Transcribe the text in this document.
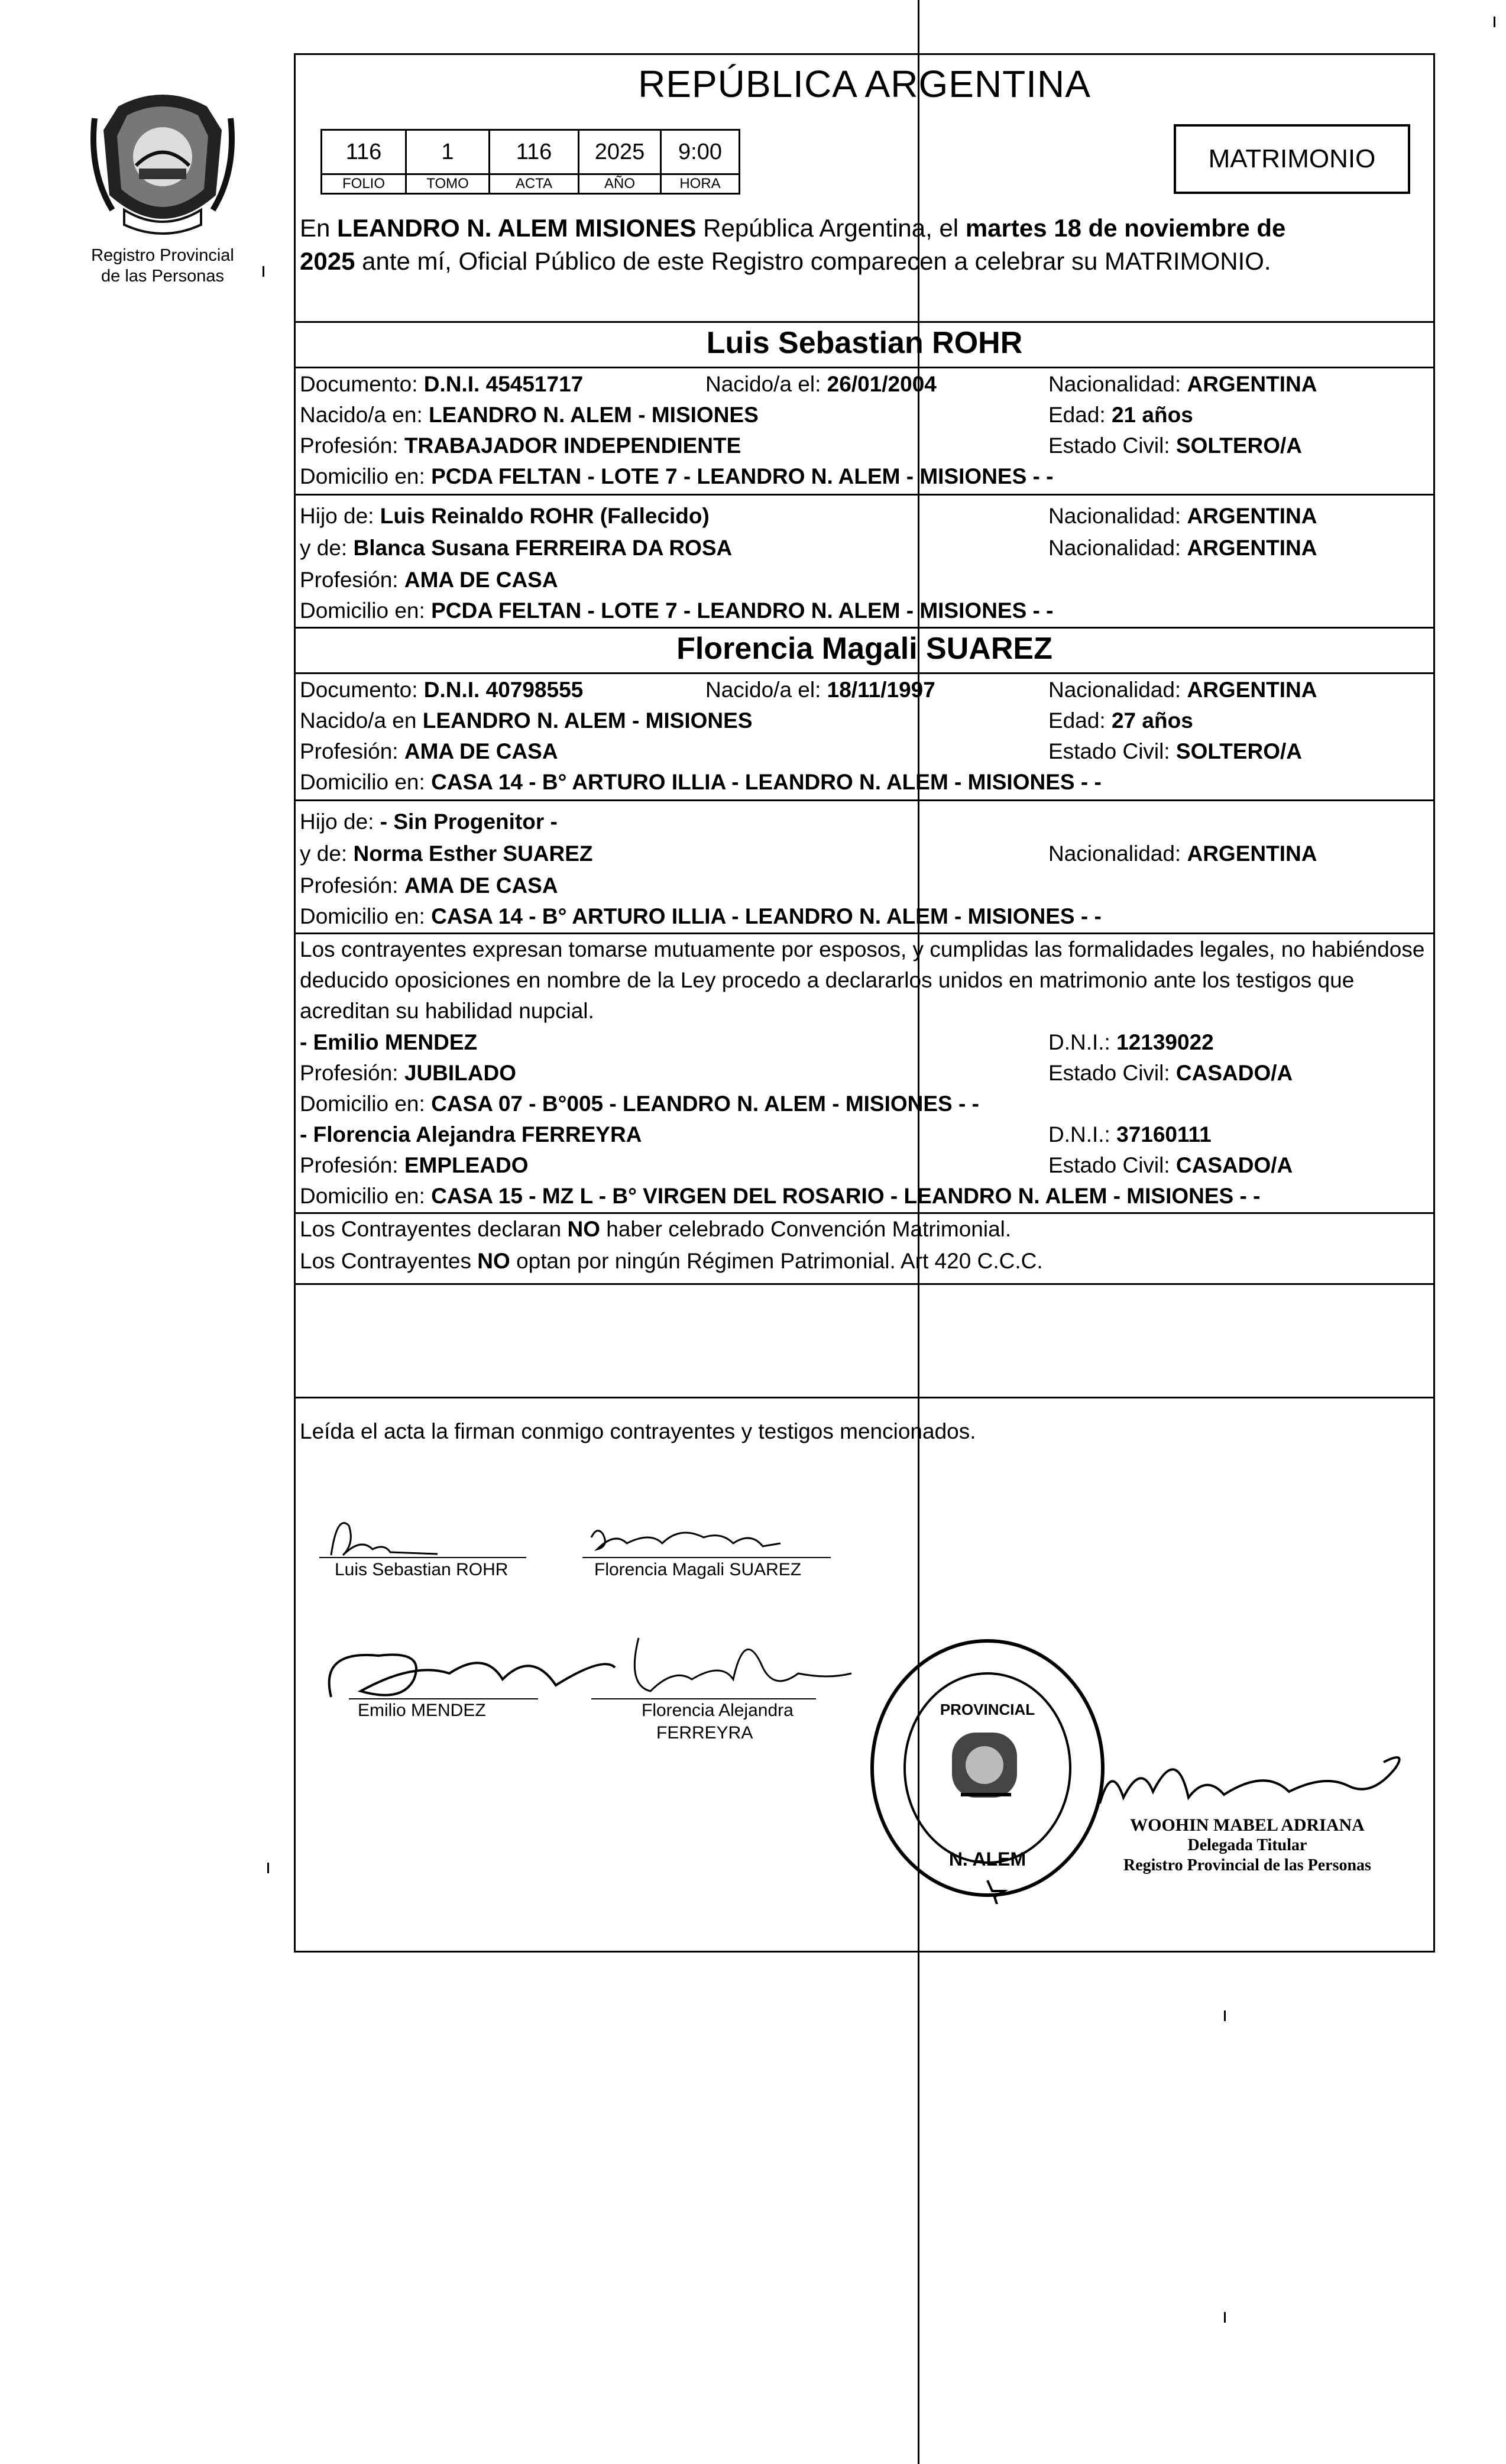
Registro Provincial
de las Personas
REPÚBLICA ARGENTINA
116	1	116	2025	9:00
FOLIO	TOMO	ACTA	AÑO	HORA
MATRIMONIO
En LEANDRO N. ALEM MISIONES República Argentina, el martes 18 de noviembre de
2025 ante mí, Oficial Público de este Registro comparecen a celebrar su MATRIMONIO.
Luis Sebastian ROHR
Documento: D.N.I. 45451717	Nacido/a el: 26/01/2004	Nacionalidad: ARGENTINA
Nacido/a en: LEANDRO N. ALEM - MISIONES	Edad: 21 años
Profesión: TRABAJADOR INDEPENDIENTE	Estado Civil: SOLTERO/A
Domicilio en: PCDA FELTAN - LOTE 7 - LEANDRO N. ALEM - MISIONES - -
Hijo de: Luis Reinaldo ROHR (Fallecido)	Nacionalidad: ARGENTINA
y de: Blanca Susana FERREIRA DA ROSA	Nacionalidad: ARGENTINA
Profesión: AMA DE CASA
Domicilio en: PCDA FELTAN - LOTE 7 - LEANDRO N. ALEM - MISIONES - -
Florencia Magali SUAREZ
Documento: D.N.I. 40798555	Nacido/a el: 18/11/1997	Nacionalidad: ARGENTINA
Nacido/a en LEANDRO N. ALEM - MISIONES	Edad: 27 años
Profesión: AMA DE CASA	Estado Civil: SOLTERO/A
Domicilio en: CASA 14 - B° ARTURO ILLIA - LEANDRO N. ALEM - MISIONES - -
Hijo de: - Sin Progenitor -
y de: Norma Esther SUAREZ	Nacionalidad: ARGENTINA
Profesión: AMA DE CASA
Domicilio en: CASA 14 - B° ARTURO ILLIA - LEANDRO N. ALEM - MISIONES - -
Los contrayentes expresan tomarse mutuamente por esposos, y cumplidas las formalidades legales, no habiéndose deducido oposiciones en nombre de la Ley procedo a declararlos unidos en matrimonio ante los testigos que acreditan su habilidad nupcial.
- Emilio MENDEZ	D.N.I.: 12139022
Profesión: JUBILADO	Estado Civil: CASADO/A
Domicilio en: CASA 07 - B°005 - LEANDRO N. ALEM - MISIONES - -
- Florencia Alejandra FERREYRA	D.N.I.: 37160111
Profesión: EMPLEADO	Estado Civil: CASADO/A
Domicilio en: CASA 15 - MZ L - B° VIRGEN DEL ROSARIO - LEANDRO N. ALEM - MISIONES - -
Los Contrayentes declaran NO haber celebrado Convención Matrimonial.
Los Contrayentes NO optan por ningún Régimen Patrimonial. Art 420 C.C.C.
Leída el acta la firman conmigo contrayentes y testigos mencionados.
Luis Sebastian ROHR	Florencia Magali SUAREZ
Emilio MENDEZ	Florencia Alejandra
FERREYRA
PROVINCIAL
N. ALEM
WOOHIN MABEL ADRIANA
Delegada Titular
Registro Provincial de las Personas
